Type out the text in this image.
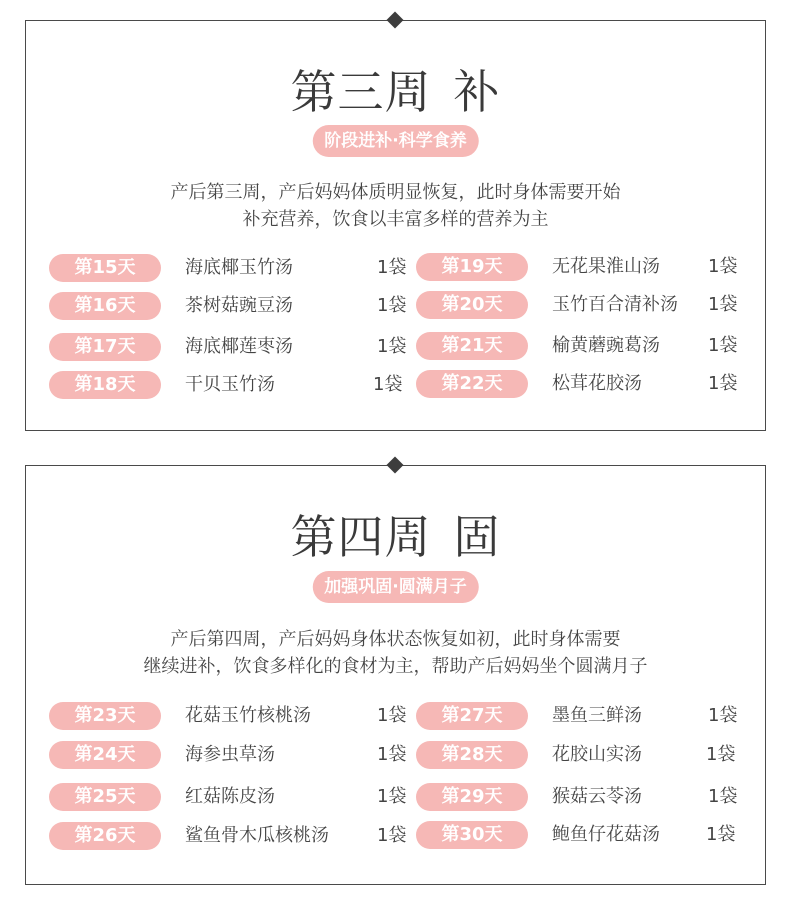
第三周 补
阶段进补·科学食养
产后第三周，产后妈妈体质明显恢复，此时身体需要开始
补充营养，饮食以丰富多样的营养为主
第15天	海底椰玉竹汤	1袋
第16天	茶树菇豌豆汤	1袋
第17天	海底椰莲枣汤	1袋
第18天	干贝玉竹汤	1袋
第19天	无花果淮山汤	1袋
第20天	玉竹百合清补汤 1袋
第21天	榆黄蘑豌葛汤	1袋
第22天	松茸花胶汤	1袋
第四周 固
加强巩固·圆满月子
产后第四周，产后妈妈身体状态恢复如初，此时身体需要
继续进补，饮食多样化的食材为主，帮助产后妈妈坐个圆满月子
第23天	花菇玉竹核桃汤	1袋
第24天	海参虫草汤	1袋
第25天	红菇陈皮汤	1袋
第26天	鲨鱼骨木瓜核桃汤	1袋
第27天	墨鱼三鲜汤	1袋
第28天	花胶山实汤	1袋
第29天	猴菇云苓汤	1袋
第30天	鲍鱼仔花菇汤	1袋
